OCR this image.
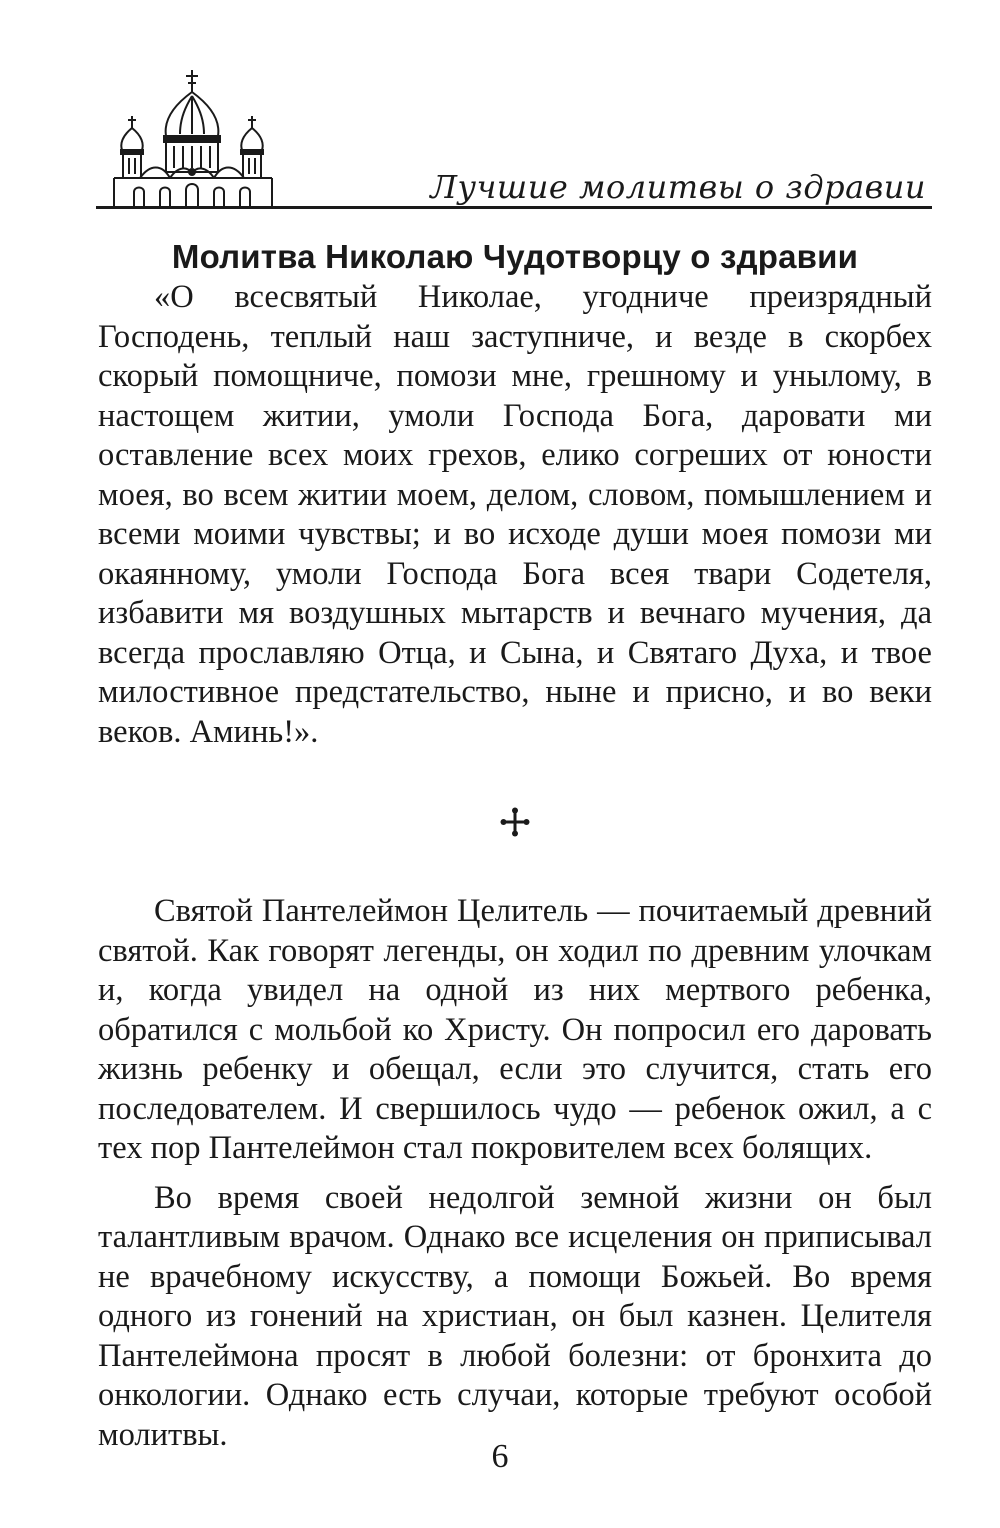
Лучшие молитвы о здравии
Молитва Николаю Чудотворцу о здравии

«О всесвятый Николае, угодниче преизрядный Господень, теплый наш заступниче, и везде в скорбех скорый помощниче, помози мне, грешному и унылому, в настощем житии, умоли Господа Бога, даровати ми оставление всех моих грехов, елико согреших от юности моея, во всем житии моем, делом, словом, помышлением и всеми моими чувствы; и во исходе души моея помози ми окаянному, умоли Господа Бога всея твари Содетеля, избавити мя воздушных мытарств и вечнаго мучения, да всегда прославляю Отца, и Сына, и Святаго Духа, и твое милостивное предстательство, ныне и присно, и во веки веков. Аминь!».

Святой Пантелеймон Целитель — почитаемый древний святой. Как говорят легенды, он ходил по древним улочкам и, когда увидел на одной из них мертвого ребенка, обратился с мольбой ко Христу. Он попросил его даровать жизнь ребенку и обещал, если это случится, стать его последователем. И свершилось чудо — ребенок ожил, а с тех пор Пантелеймон стал покровителем всех болящих.

Во время своей недолгой земной жизни он был талантливым врачом. Однако все исцеления он приписывал не врачебному искусству, а помощи Божьей. Во время одного из гонений на христиан, он был казнен. Целителя Пантелеймона просят в любой болезни: от бронхита до онкологии. Однако есть случаи, которые требуют особой молитвы.

6
